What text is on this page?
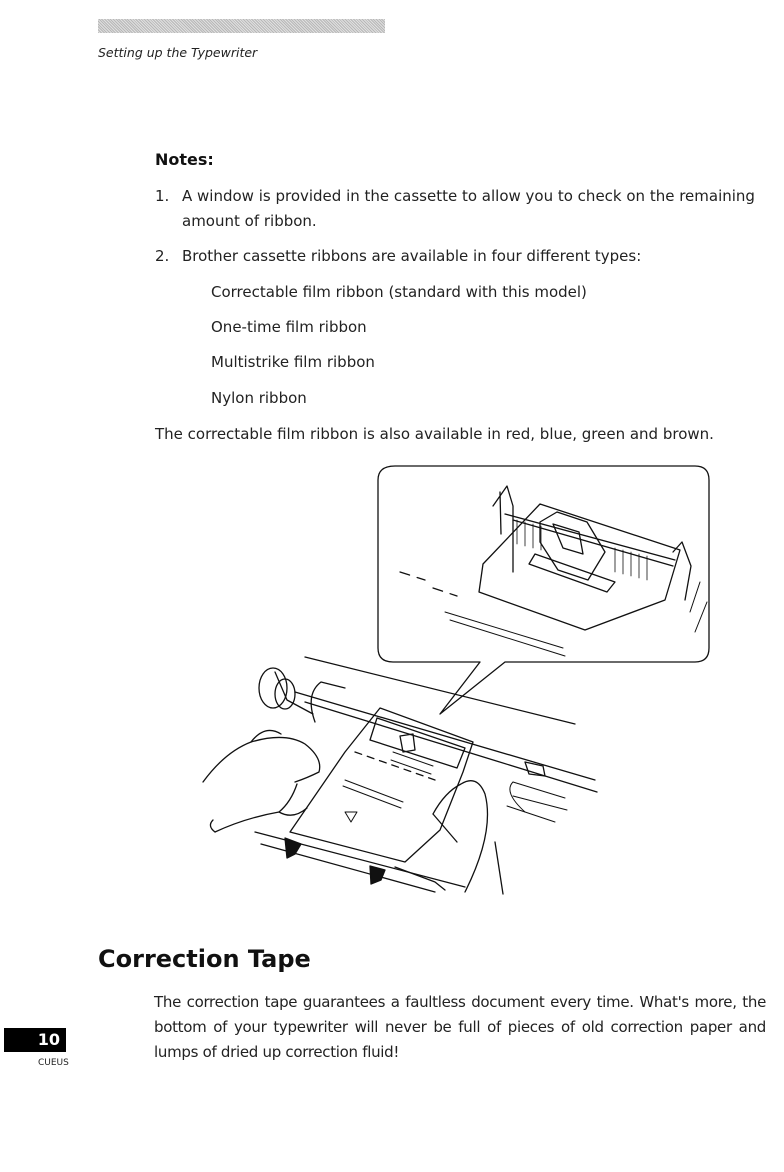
Setting up the Typewriter
Notes:
1. A window is provided in the cassette to allow you to check on the remaining amount of ribbon.
2. Brother cassette ribbons are available in four different types:
Correctable film ribbon (standard with this model)
One-time film ribbon
Multistrike film ribbon
Nylon ribbon
The correctable film ribbon is also available in red, blue, green and brown.
Correction Tape
The correction tape guarantees a faultless document every time. What's more, the bottom of your typewriter will never be full of pieces of old correction paper and lumps of dried up correction fluid!
10
CUEUS
